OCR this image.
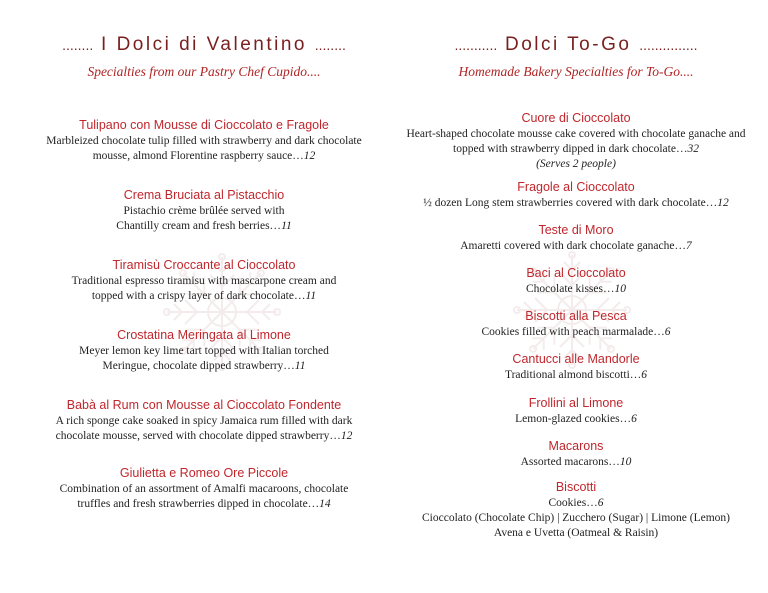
........ I Dolci di Valentino ........
Specialties from our Pastry Chef Cupido....
Tulipano con Mousse di Cioccolato e Fragole
Marbleized chocolate tulip filled with strawberry and dark chocolate mousse, almond Florentine raspberry sauce…12
Crema Bruciata al Pistacchio
Pistachio crème brûlée served with Chantilly cream and fresh berries…11
Tiramisù Croccante al Cioccolato
Traditional espresso tiramisu with mascarpone cream and topped with a crispy layer of dark chocolate…11
Crostatina Meringata al Limone
Meyer lemon key lime tart topped with Italian torched Meringue, chocolate dipped strawberry…11
Babà al Rum con Mousse al Cioccolato Fondente
A rich sponge cake soaked in spicy Jamaica rum filled with dark chocolate mousse, served with chocolate dipped strawberry…12
Giulietta e Romeo Ore Piccole
Combination of an assortment of Amalfi macaroons, chocolate truffles and fresh strawberries dipped in chocolate…14
........... Dolci To-Go ...............
Homemade Bakery Specialties for To-Go....
Cuore di Cioccolato
Heart-shaped chocolate mousse cake covered with chocolate ganache and topped with strawberry dipped in dark chocolate…32
(Serves 2 people)
Fragole al Cioccolato
½ dozen Long stem strawberries covered with dark chocolate…12
Teste di Moro
Amaretti covered with dark chocolate ganache…7
Baci al Cioccolato
Chocolate kisses…10
Biscotti alla Pesca
Cookies filled with peach marmalade…6
Cantucci alle Mandorle
Traditional almond biscotti…6
Frollini al Limone
Lemon-glazed cookies…6
Macarons
Assorted macarons…10
Biscotti
Cookies…6
Cioccolato (Chocolate Chip) | Zucchero (Sugar) | Limone (Lemon)
Avena e Uvetta (Oatmeal & Raisin)
